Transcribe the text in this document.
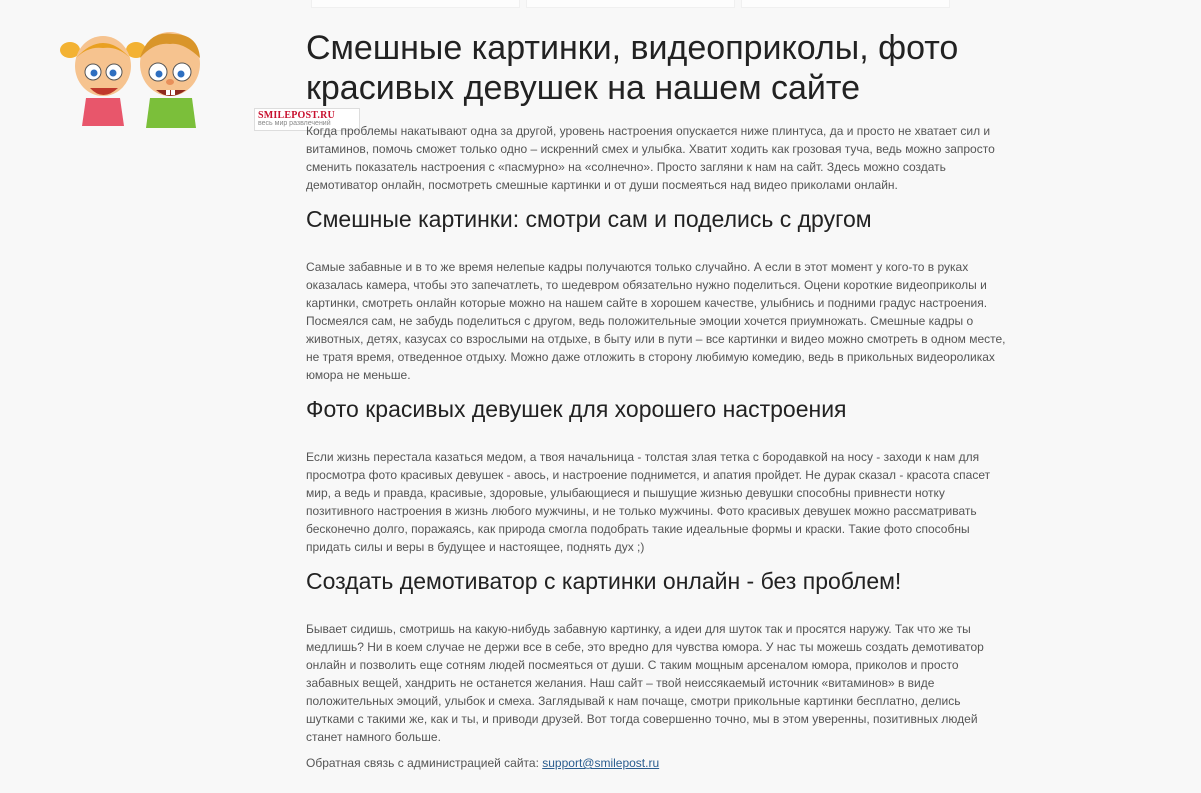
SMILEPOST.RU
весь мир развлечений
Смешные картинки, видеоприколы, фото красивых девушек на нашем сайте

Когда проблемы накатывают одна за другой, уровень настроения опускается ниже плинтуса, да и просто не хватает сил и витаминов, помочь сможет только одно – искренний смех и улыбка. Хватит ходить как грозовая туча, ведь можно запросто сменить показатель настроения с «пасмурно» на «солнечно». Просто загляни к нам на сайт. Здесь можно создать демотиватор онлайн, посмотреть смешные картинки и от души посмеяться над видео приколами онлайн.

Смешные картинки: смотри сам и поделись с другом

Самые забавные и в то же время нелепые кадры получаются только случайно. А если в этот момент у кого-то в руках оказалась камера, чтобы это запечатлеть, то шедевром обязательно нужно поделиться. Оцени короткие видеоприколы и картинки, смотреть онлайн которые можно на нашем сайте в хорошем качестве, улыбнись и подними градус настроения. Посмеялся сам, не забудь поделиться с другом, ведь положительные эмоции хочется приумножать. Смешные кадры о животных, детях, казусах со взрослыми на отдыхе, в быту или в пути – все картинки и видео можно смотреть в одном месте, не тратя время, отведенное отдыху. Можно даже отложить в сторону любимую комедию, ведь в прикольных видеороликах юмора не меньше.

Фото красивых девушек для хорошего настроения

Если жизнь перестала казаться медом, а твоя начальница - толстая злая тетка с бородавкой на носу - заходи к нам для просмотра фото красивых девушек - авось, и настроение поднимется, и апатия пройдет. Не дурак сказал - красота спасет мир, а ведь и правда, красивые, здоровые, улыбающиеся и пышущие жизнью девушки способны привнести нотку позитивного настроения в жизнь любого мужчины, и не только мужчины. Фото красивых девушек можно рассматривать бесконечно долго, поражаясь, как природа смогла подобрать такие идеальные формы и краски. Такие фото способны придать силы и веры в будущее и настоящее, поднять дух ;)

Создать демотиватор с картинки онлайн - без проблем!

Бывает сидишь, смотришь на какую-нибудь забавную картинку, а идеи для шуток так и просятся наружу. Так что же ты медлишь? Ни в коем случае не держи все в себе, это вредно для чувства юмора. У нас ты можешь создать демотиватор онлайн и позволить еще сотням людей посмеяться от души. С таким мощным арсеналом юмора, приколов и просто забавных вещей, хандрить не останется желания. Наш сайт – твой неиссякаемый источник «витаминов» в виде положительных эмоций, улыбок и смеха. Заглядывай к нам почаще, смотри прикольные картинки бесплатно, делись шутками с такими же, как и ты, и приводи друзей. Вот тогда совершенно точно, мы в этом уверенны, позитивных людей станет намного больше.

Обратная связь с администрацией сайта: support@smilepost.ru
